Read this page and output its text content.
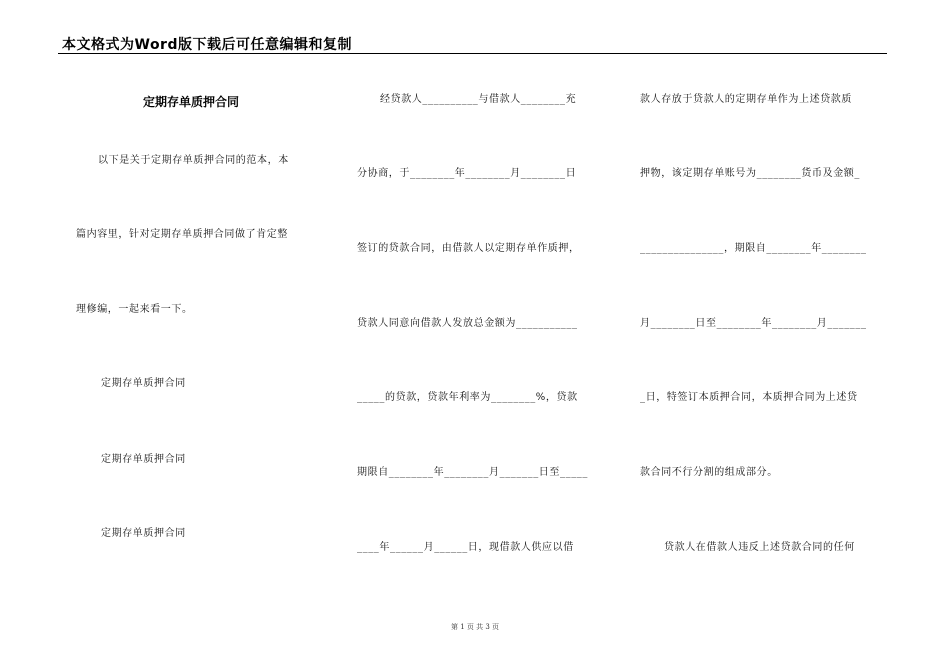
本文格式为Word版下载后可任意编辑和复制
定期存单质押合同
以下是关于定期存单质押合同的范本，本
篇内容里，针对定期存单质押合同做了肯定整
理修编，一起来看一下。
定期存单质押合同
定期存单质押合同
定期存单质押合同
经贷款人__________与借款人________充
分协商，于________年________月________日
签订的贷款合同，由借款人以定期存单作质押，
贷款人同意向借款人发放总金额为___________
_____的贷款，贷款年利率为________%，贷款
期限自________年________月_______日至_____
____年______月______日，现借款人供应以借
款人存放于贷款人的定期存单作为上述贷款质
押物，该定期存单账号为________货币及金额_
_______________，期限自________年________
月________日至________年________月_______
_日，特签订本质押合同，本质押合同为上述贷
款合同不行分割的组成部分。
贷款人在借款人违反上述贷款合同的任何
第 1 页 共 3 页
